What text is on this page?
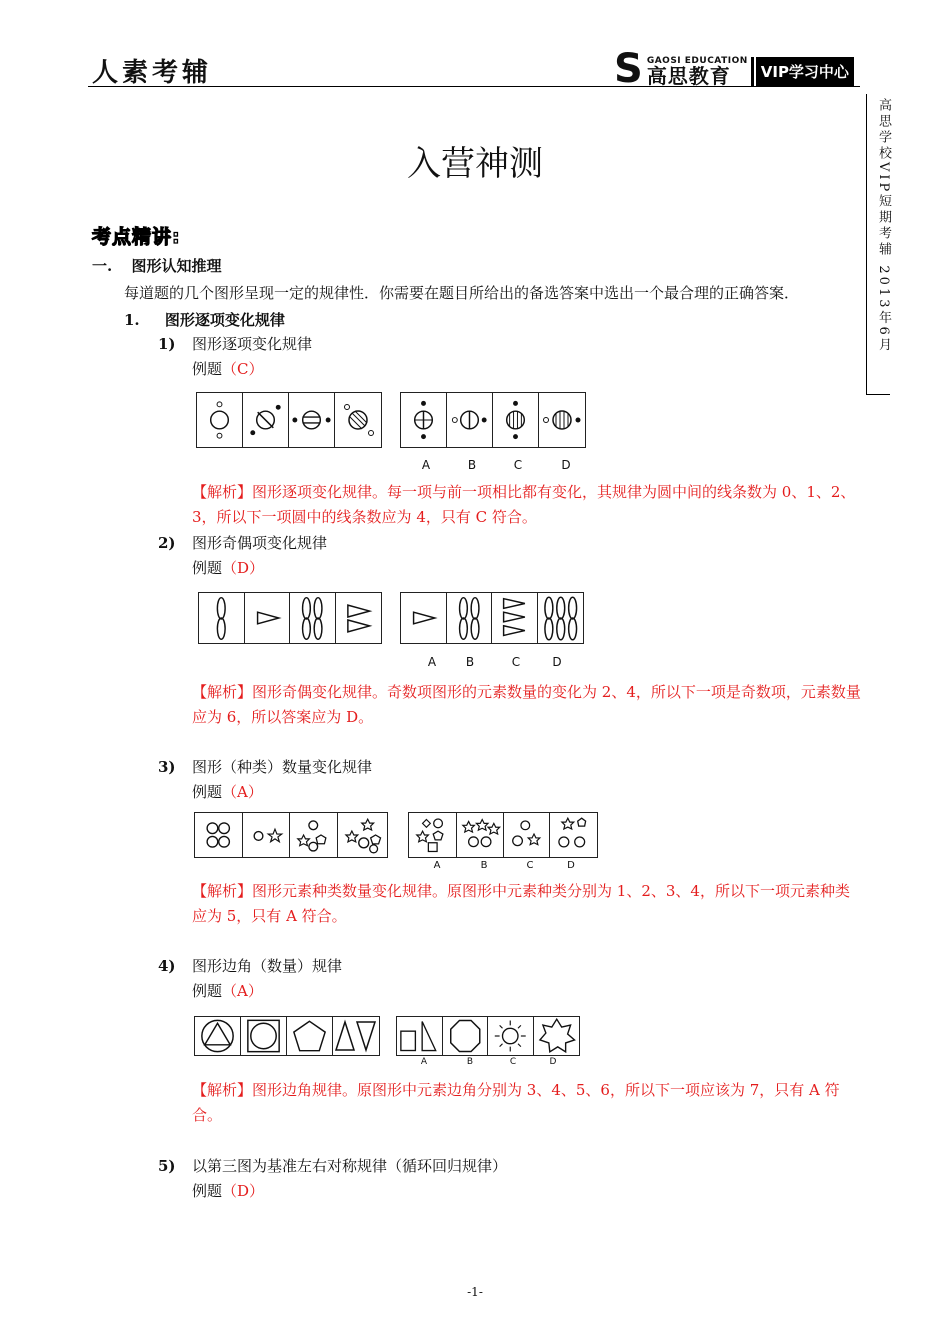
人素考辅	S GAOSI EDUCATION
高思教育	VIP学习中心
高思学校VIP短期考辅 2013年6月
入营神测
考点精讲:
一. 图形认知推理
每道题的几个图形呈现一定的规律性．你需要在题目所给出的备选答案中选出一个最合理的正确答案．
1. 图形逐项变化规律
1) 图形逐项变化规律
例题（C）
A	B	C	D
【解析】图形逐项变化规律。每一项与前一项相比都有变化，其规律为圆中间的线条数为 0、1、2、3，所以下一项圆中的线条数应为 4，只有 C 符合。
2) 图形奇偶项变化规律
例题（D）
A	B	C	D
【解析】图形奇偶变化规律。奇数项图形的元素数量的变化为 2、4，所以下一项是奇数项，元素数量应为 6，所以答案应为 D。
3) 图形（种类）数量变化规律
例题（A）
A	B	C	D
【解析】图形元素种类数量变化规律。原图形中元素种类分别为 1、2、3、4，所以下一项元素种类应为 5，只有 A 符合。
4) 图形边角（数量）规律
例题（A）
A	B	C	D
【解析】图形边角规律。原图形中元素边角分别为 3、4、5、6，所以下一项应该为 7，只有 A 符合。
5) 以第三图为基准左右对称规律（循环回归规律）
例题（D）
-1-
